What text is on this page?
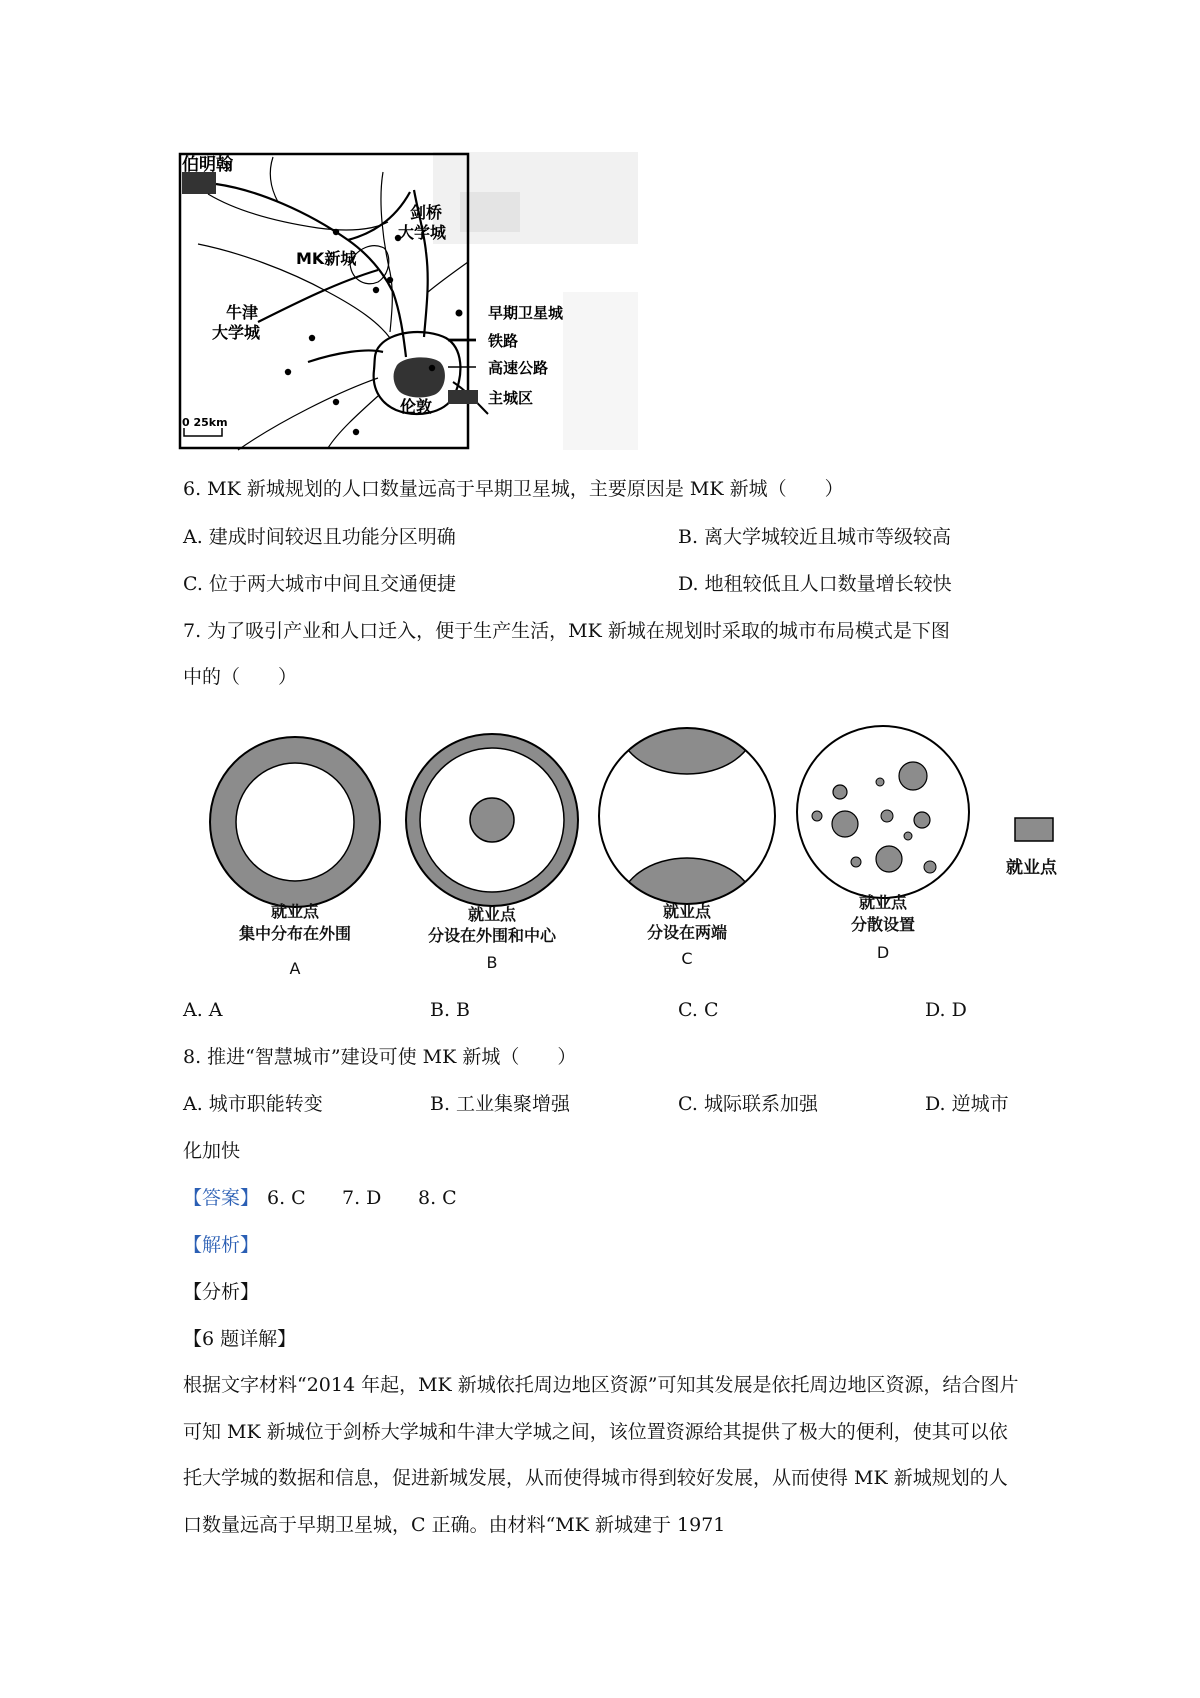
伯明翰
剑桥
大学城
MK新城
牛津
大学城
伦敦
0 25km
早期卫星城
铁路
高速公路
主城区
6. MK 新城规划的人口数量远高于早期卫星城，主要原因是 MK 新城（　　）
A. 建成时间较迟且功能分区明确	B. 离大学城较近且城市等级较高
C. 位于两大城市中间且交通便捷	D. 地租较低且人口数量增长较快
7. 为了吸引产业和人口迁入，便于生产生活，MK 新城在规划时采取的城市布局模式是下图
中的（　　）
就业点
就业点
集中分布在外围
A
就业点
分设在外围和中心
B
就业点
分设在两端
C
就业点
分散设置
D
A. A	B. B	C. C	D. D
8. 推进“智慧城市”建设可使 MK 新城（　　）
A. 城市职能转变	B. 工业集聚增强	C. 城际联系加强	D. 逆城市
化加快
【答案】 6. C 7. D 8. C
【解析】
【分析】
【6 题详解】
根据文字材料“2014 年起，MK 新城依托周边地区资源”可知其发展是依托周边地区资源，结合图片可知 MK 新城位于剑桥大学城和牛津大学城之间，该位置资源给其提供了极大的便利，使其可以依托大学城的数据和信息，促进新城发展，从而使得城市得到较好发展，从而使得 MK 新城规划的人口数量远高于早期卫星城，C 正确。由材料“MK 新城建于 1971
